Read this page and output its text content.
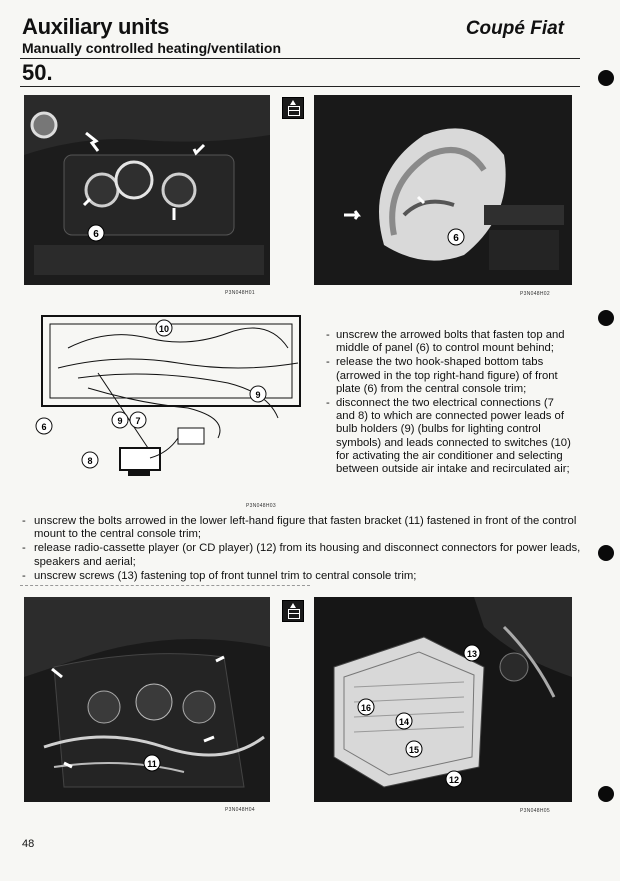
Auxiliary units	Coupé Fiat
Manually controlled heating/ventilation
50.
6
P3N048H01
6
P3N048H02
10
6
9 7
8
9
P3N048H03
- unscrew the arrowed bolts that fasten top and middle of panel (6) to control mount behind;
- release the two hook-shaped bottom tabs (arrowed in the top right-hand figure) of front plate (6) from the central console trim;
- disconnect the two electrical connections (7 and 8) to which are connected power leads of bulb holders (9) (bulbs for lighting control symbols) and leads connected to switches (10) for activating the air conditioner and selecting between outside air intake and recirculated air;
- unscrew the bolts arrowed in the lower left-hand figure that fasten bracket (11) fastened in front of the control mount to the central console trim;
- release radio-cassette player (or CD player) (12) from its housing and disconnect connectors for power leads, speakers and aerial;
- unscrew screws (13) fastening top of front tunnel trim to central console trim;
11
P3N048H04
13
16
14
15
12
P3N048H05
48
